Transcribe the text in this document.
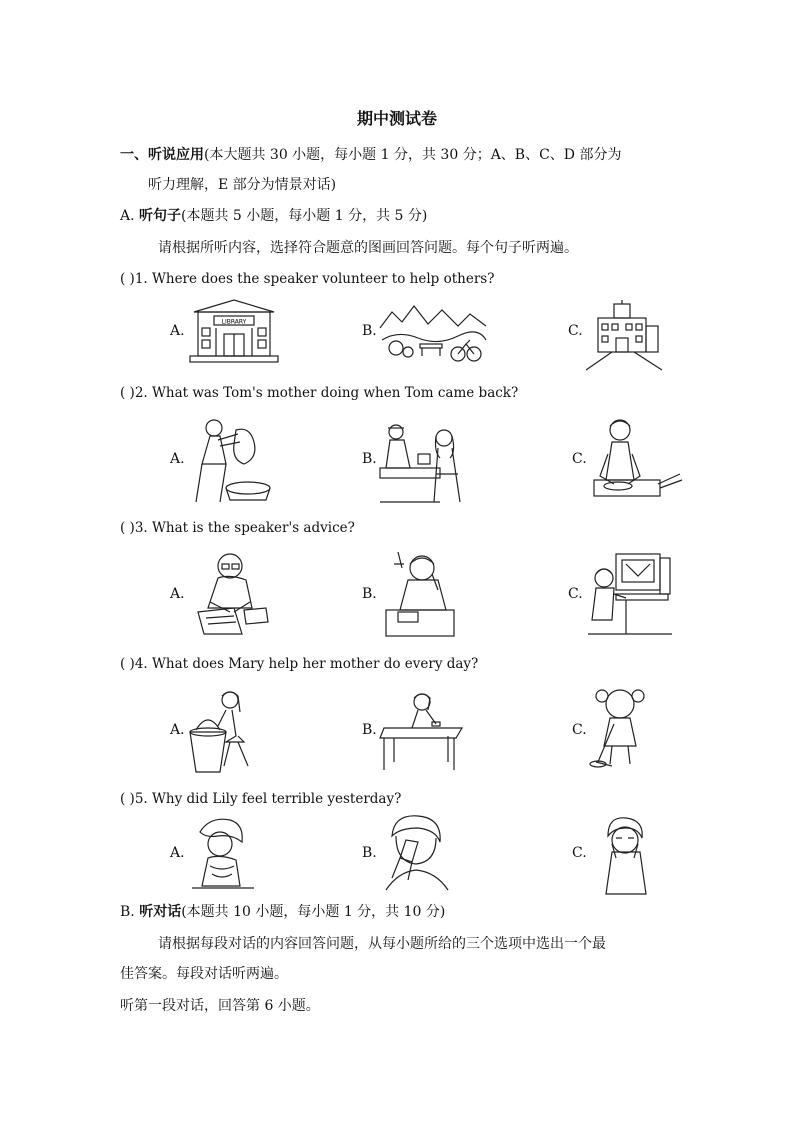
期中测试卷
一、听说应用(本大题共 30 小题，每小题 1 分，共 30 分；A、B、C、D 部分为
听力理解，E 部分为情景对话)
A. 听句子(本题共 5 小题，每小题 1 分，共 5 分)
请根据所听内容，选择符合题意的图画回答问题。每个句子听两遍。
( )1. Where does the speaker volunteer to help others?
A.	B.	C.
LIBRARY
( )2. What was Tom's mother doing when Tom came back?
A.	B.	C.
( )3. What is the speaker's advice?
A.	B.	C.
( )4. What does Mary help her mother do every day?
A.	B.	C.
( )5. Why did Lily feel terrible yesterday?
A.	B.	C.
B. 听对话(本题共 10 小题，每小题 1 分，共 10 分)
请根据每段对话的内容回答问题，从每小题所给的三个选项中选出一个最
佳答案。每段对话听两遍。
听第一段对话，回答第 6 小题。
